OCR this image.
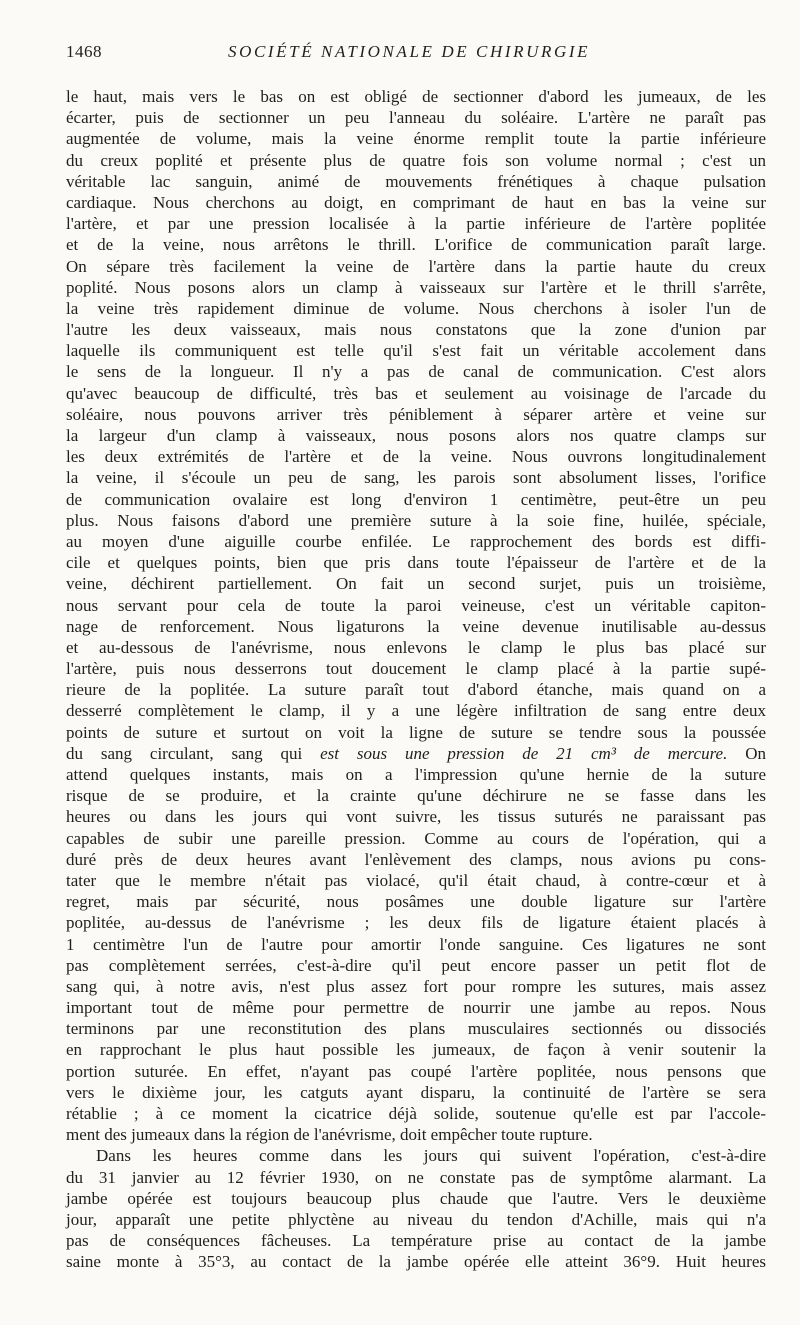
1468	SOCIÉTÉ NATIONALE DE CHIRURGIE
le haut, mais vers le bas on est obligé de sectionner d'abord les jumeaux, de les
écarter, puis de sectionner un peu l'anneau du soléaire. L'artère ne paraît pas
augmentée de volume, mais la veine énorme remplit toute la partie inférieure
du creux poplité et présente plus de quatre fois son volume normal ; c'est un
véritable lac sanguin, animé de mouvements frénétiques à chaque pulsation
cardiaque. Nous cherchons au doigt, en comprimant de haut en bas la veine sur
l'artère, et par une pression localisée à la partie inférieure de l'artère poplitée
et de la veine, nous arrêtons le thrill. L'orifice de communication paraît large.
On sépare très facilement la veine de l'artère dans la partie haute du creux
poplité. Nous posons alors un clamp à vaisseaux sur l'artère et le thrill s'arrête,
la veine très rapidement diminue de volume. Nous cherchons à isoler l'un de
l'autre les deux vaisseaux, mais nous constatons que la zone d'union par
laquelle ils communiquent est telle qu'il s'est fait un véritable accolement dans
le sens de la longueur. Il n'y a pas de canal de communication. C'est alors
qu'avec beaucoup de difficulté, très bas et seulement au voisinage de l'arcade du
soléaire, nous pouvons arriver très péniblement à séparer artère et veine sur
la largeur d'un clamp à vaisseaux, nous posons alors nos quatre clamps sur
les deux extrémités de l'artère et de la veine. Nous ouvrons longitudinalement
la veine, il s'écoule un peu de sang, les parois sont absolument lisses, l'orifice
de communication ovalaire est long d'environ 1 centimètre, peut-être un peu
plus. Nous faisons d'abord une première suture à la soie fine, huilée, spéciale,
au moyen d'une aiguille courbe enfilée. Le rapprochement des bords est diffi-
cile et quelques points, bien que pris dans toute l'épaisseur de l'artère et de la
veine, déchirent partiellement. On fait un second surjet, puis un troisième,
nous servant pour cela de toute la paroi veineuse, c'est un véritable capiton-
nage de renforcement. Nous ligaturons la veine devenue inutilisable au-dessus
et au-dessous de l'anévrisme, nous enlevons le clamp le plus bas placé sur
l'artère, puis nous desserrons tout doucement le clamp placé à la partie supé-
rieure de la poplitée. La suture paraît tout d'abord étanche, mais quand on a
desserré complètement le clamp, il y a une légère infiltration de sang entre deux
points de suture et surtout on voit la ligne de suture se tendre sous la poussée
du sang circulant, sang qui est sous une pression de 21 cm³ de mercure. On
attend quelques instants, mais on a l'impression qu'une hernie de la suture
risque de se produire, et la crainte qu'une déchirure ne se fasse dans les
heures ou dans les jours qui vont suivre, les tissus suturés ne paraissant pas
capables de subir une pareille pression. Comme au cours de l'opération, qui a
duré près de deux heures avant l'enlèvement des clamps, nous avions pu cons-
tater que le membre n'était pas violacé, qu'il était chaud, à contre-cœur et à
regret, mais par sécurité, nous posâmes une double ligature sur l'artère
poplitée, au-dessus de l'anévrisme ; les deux fils de ligature étaient placés à
1 centimètre l'un de l'autre pour amortir l'onde sanguine. Ces ligatures ne sont
pas complètement serrées, c'est-à-dire qu'il peut encore passer un petit flot de
sang qui, à notre avis, n'est plus assez fort pour rompre les sutures, mais assez
important tout de même pour permettre de nourrir une jambe au repos. Nous
terminons par une reconstitution des plans musculaires sectionnés ou dissociés
en rapprochant le plus haut possible les jumeaux, de façon à venir soutenir la
portion suturée. En effet, n'ayant pas coupé l'artère poplitée, nous pensons que
vers le dixième jour, les catguts ayant disparu, la continuité de l'artère se sera
rétablie ; à ce moment la cicatrice déjà solide, soutenue qu'elle est par l'accole-
ment des jumeaux dans la région de l'anévrisme, doit empêcher toute rupture.
Dans les heures comme dans les jours qui suivent l'opération, c'est-à-dire
du 31 janvier au 12 février 1930, on ne constate pas de symptôme alarmant. La
jambe opérée est toujours beaucoup plus chaude que l'autre. Vers le deuxième
jour, apparaît une petite phlyctène au niveau du tendon d'Achille, mais qui n'a
pas de conséquences fâcheuses. La température prise au contact de la jambe
saine monte à 35°3, au contact de la jambe opérée elle atteint 36°9. Huit heures
